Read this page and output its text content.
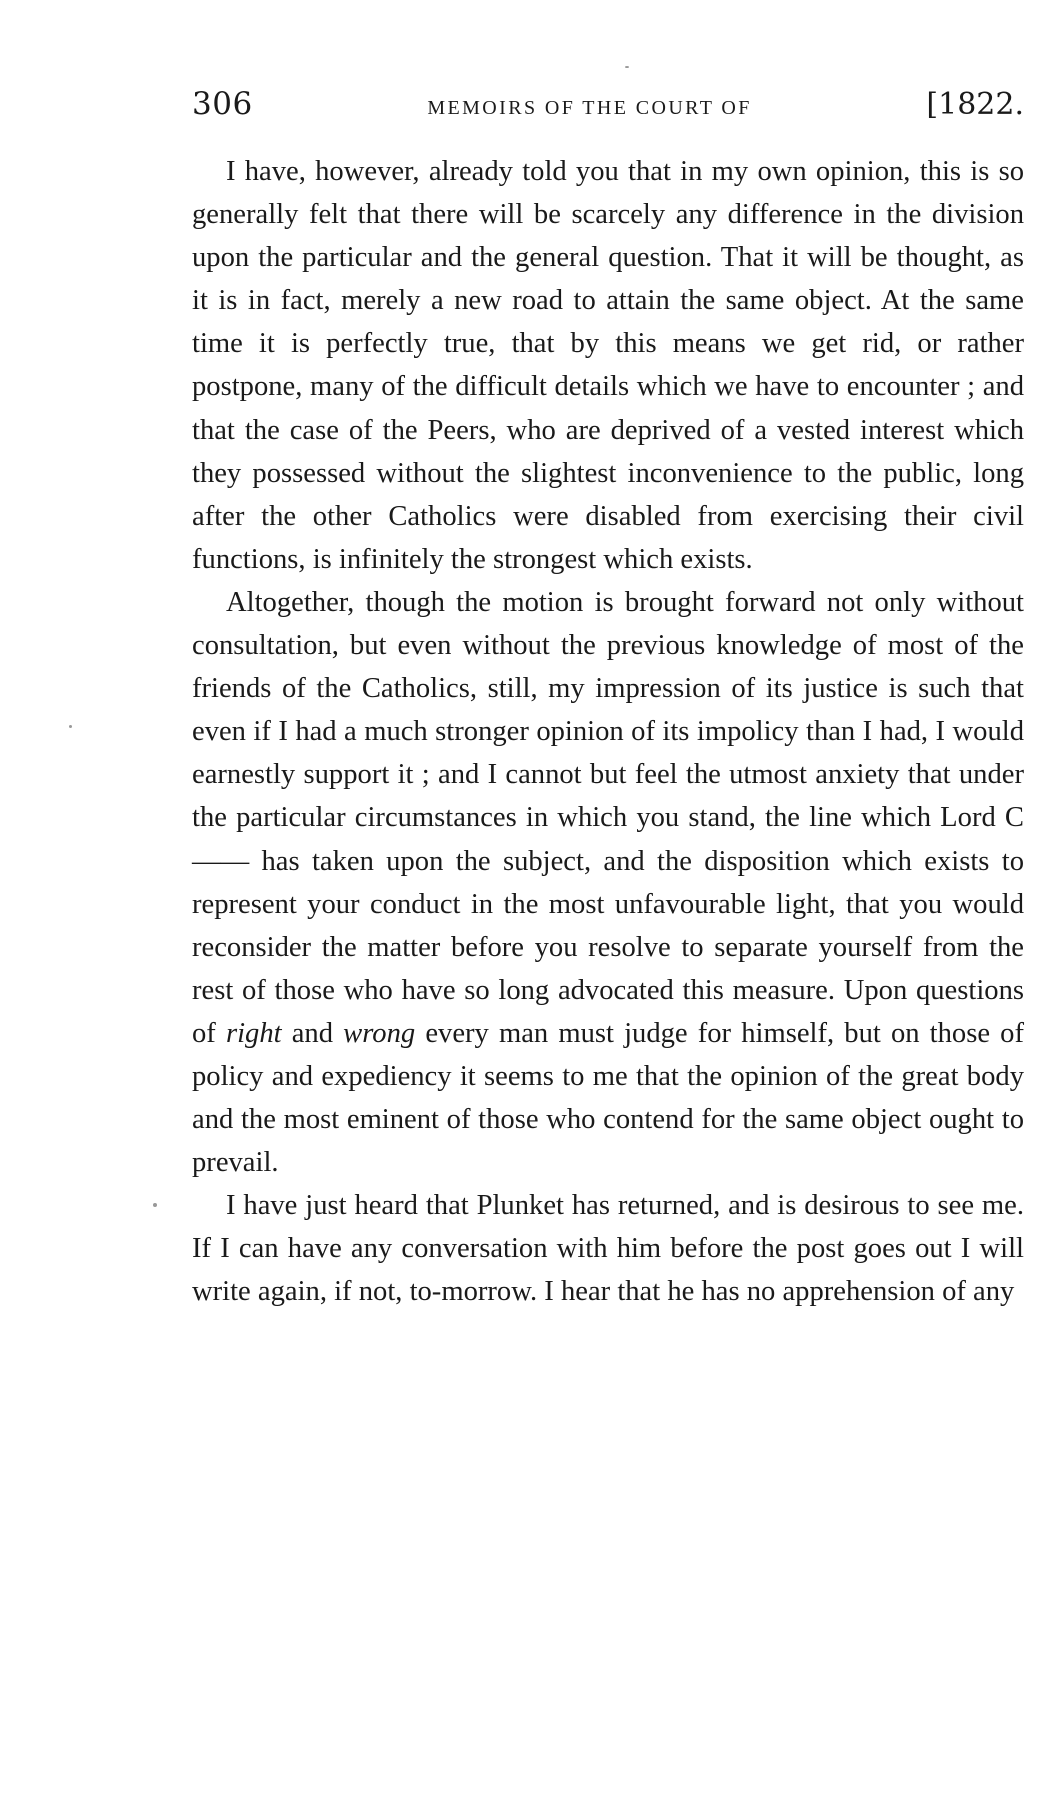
306	MEMOIRS OF THE COURT OF	[1822.

I have, however, already told you that in my own opinion, this is so generally felt that there will be scarcely any difference in the division upon the particular and the general question. That it will be thought, as it is in fact, merely a new road to attain the same object. At the same time it is perfectly true, that by this means we get rid, or rather postpone, many of the difficult details which we have to encounter ; and that the case of the Peers, who are deprived of a vested interest which they possessed without the slightest inconvenience to the public, long after the other Catholics were disabled from exercising their civil functions, is infinitely the strongest which exists.

Altogether, though the motion is brought forward not only without consultation, but even without the previous knowledge of most of the friends of the Catholics, still, my impression of its justice is such that even if I had a much stronger opinion of its impolicy than I had, I would earnestly support it ; and I cannot but feel the utmost anxiety that under the particular circumstances in which you stand, the line which Lord C—— has taken upon the subject, and the disposition which exists to represent your conduct in the most unfavourable light, that you would reconsider the matter before you resolve to separate yourself from the rest of those who have so long advocated this measure. Upon questions of right and wrong every man must judge for himself, but on those of policy and expediency it seems to me that the opinion of the great body and the most eminent of those who contend for the same object ought to prevail.

I have just heard that Plunket has returned, and is desirous to see me. If I can have any conversation with him before the post goes out I will write again, if not, to-morrow. I hear that he has no apprehension of any
